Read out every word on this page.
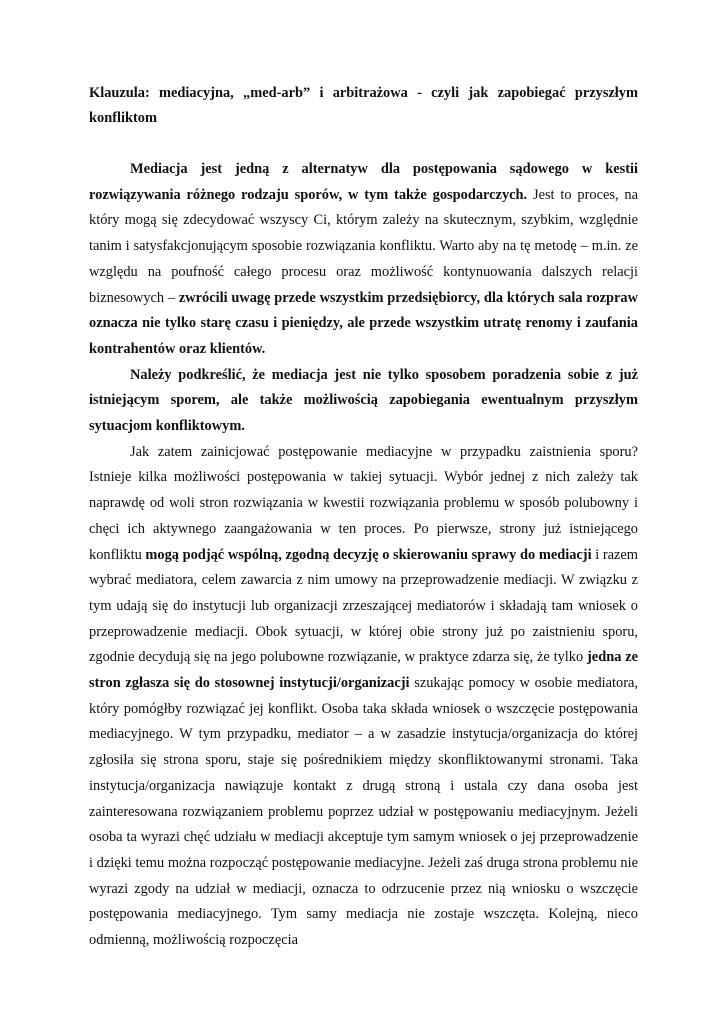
Klauzula: mediacyjna, „med-arb” i arbitrażowa - czyli jak zapobiegać przyszłym konfliktom

Mediacja jest jedną z alternatyw dla postępowania sądowego w kestii rozwiązywania różnego rodzaju sporów, w tym także gospodarczych. Jest to proces, na który mogą się zdecydować wszyscy Ci, którym zależy na skutecznym, szybkim, względnie tanim i satysfakcjonującym sposobie rozwiązania konfliktu. Warto aby na tę metodę – m.in. ze względu na poufność całego procesu oraz możliwość kontynuowania dalszych relacji biznesowych – zwrócili uwagę przede wszystkim przedsiębiorcy, dla których sala rozpraw oznacza nie tylko starę czasu i pieniędzy, ale przede wszystkim utratę renomy i zaufania kontrahentów oraz klientów.

Należy podkreślić, że mediacja jest nie tylko sposobem poradzenia sobie z już istniejącym sporem, ale także możliwością zapobiegania ewentualnym przyszłym sytuacjom konfliktowym.

Jak zatem zainicjować postępowanie mediacyjne w przypadku zaistnienia sporu? Istnieje kilka możliwości postępowania w takiej sytuacji. Wybór jednej z nich zależy tak naprawdę od woli stron rozwiązania w kwestii rozwiązania problemu w sposób polubowny i chęci ich aktywnego zaangażowania w ten proces. Po pierwsze, strony już istniejącego konfliktu mogą podjąć wspólną, zgodną decyzję o skierowaniu sprawy do mediacji i razem wybrać mediatora, celem zawarcia z nim umowy na przeprowadzenie mediacji. W związku z tym udają się do instytucji lub organizacji zrzeszającej mediatorów i składają tam wniosek o przeprowadzenie mediacji. Obok sytuacji, w której obie strony już po zaistnieniu sporu, zgodnie decydują się na jego polubowne rozwiązanie, w praktyce zdarza się, że tylko jedna ze stron zgłasza się do stosownej instytucji/organizacji szukając pomocy w osobie mediatora, który pomógłby rozwiązać jej konflikt. Osoba taka składa wniosek o wszczęcie postępowania mediacyjnego. W tym przypadku, mediator – a w zasadzie instytucja/organizacja do której zgłosiła się strona sporu, staje się pośrednikiem między skonfliktowanymi stronami. Taka instytucja/organizacja nawiązuje kontakt z drugą stroną i ustala czy dana osoba jest zainteresowana rozwiązaniem problemu poprzez udział w postępowaniu mediacyjnym. Jeżeli osoba ta wyrazi chęć udziału w mediacji akceptuje tym samym wniosek o jej przeprowadzenie i dzięki temu można rozpocząć postępowanie mediacyjne. Jeżeli zaś druga strona problemu nie wyrazi zgody na udział w mediacji, oznacza to odrzucenie przez nią wniosku o wszczęcie postępowania mediacyjnego. Tym samy mediacja nie zostaje wszczęta. Kolejną, nieco odmienną, możliwością rozpoczęcia
